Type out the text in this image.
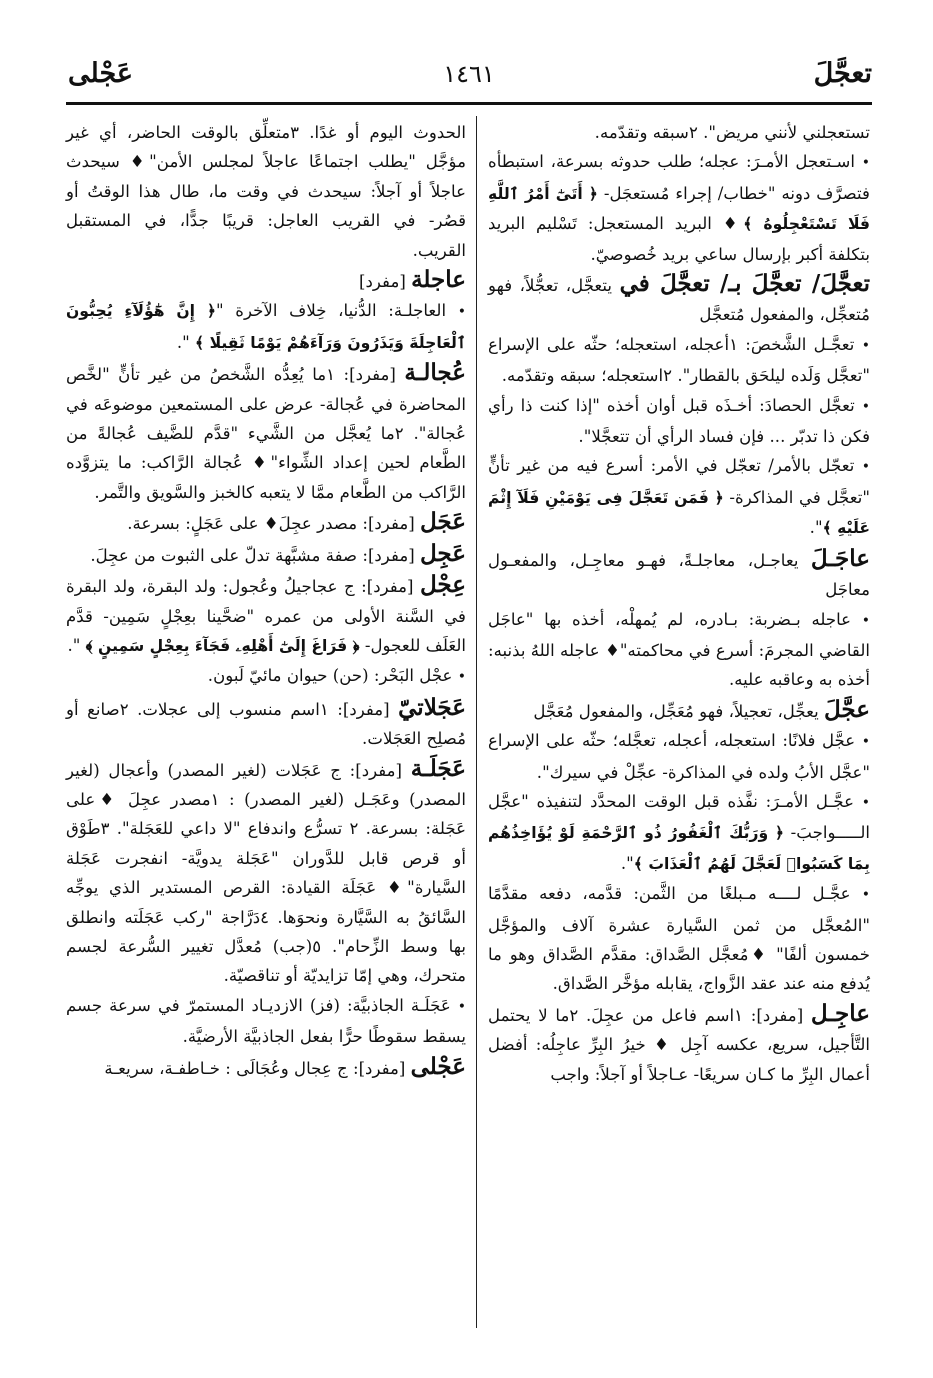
تعجَّلَ
١٤٦١
عَجْلى
تستعجلني لأنني مريض". ٢سبقه وتقدّمه.
• اسـتعجل الأمـرَ: عجله؛ طلب حدوثه بسرعة، استبطأه فتصرَّف دونه "خطاب/ إجراء مُستعجَل- ﴿ أَتَىٰٓ أَمْرُ ٱللَّهِ فَلَا تَسْتَعْجِلُوهُ ﴾♦ البريد المستعجل: تَسْليم البريد بتكلفة أكبر بإرسال ساعي بريد خُصوصيّ.
تعجَّلَ/ تعجَّلَ بـ/ تعجَّلَ في يتعجَّل، تعجُّلاً، فهو مُتعجِّل، والمفعول مُتعجَّل
• تعجَّـل الشَّخصَ: ١أعجله، استعجله؛ حثّه على الإسراع "تعجَّل وَلَده ليلحَق بالقطار". ٢استعجله؛ سبقه وتقدّمه.
• تعجَّل الحصادَ: أخـذَه قبل أوان أخذه "إذا كنت ذا رأي فكن ذا تدبّر ... فإن فساد الرأي أن تتعجَّلا".
• تعجّل بالأمر/ تعجّل في الأمر: أسرع فيه من غير تأنٍّ "تعجَّل في المذاكرة- ﴿ فَمَن تَعَجَّلَ فِى يَوْمَيْنِ فَلَآ إِثْمَ عَلَيْهِ ﴾".
عاجَـلَ يعاجـل، معاجلـةً، فهـو معاجِـل، والمفعـول معاجَل
• عاجله بـضربة: بـادره، لم يُمهلْه، أخذه بها "عاجَل القاضي المجرمَ: أسرع في محاكمته"♦ عاجله اللهُ بذنبه: أخذه به وعاقبه عليه.
عجَّلَ يعجِّل، تعجيلاً، فهو مُعَجِّل، والمفعول مُعَجَّل
• عجَّل فلانًا: استعجله، أعجله، تعجَّله؛ حثّه على الإسراع "عجَّل الأبُ ولده في المذاكرة- عجِّلْ في سيرك".
• عجَّـل الأمـرَ: نفَّذه قبل الوقت المحدَّد لتنفيذه "عجَّل الـــــواجبَ- ﴿ وَرَبُّكَ ٱلْغَفُورُ ذُو ٱلرَّحْمَةِ لَوْ يُؤَاخِذُهُم بِمَا كَسَبُوا۟ لَعَجَّلَ لَهُمُ ٱلْعَذَابَ ﴾".
• عجَّـل لــــه مـبلغًا من الثَّمن: قدَّمه، دفعه مقدَّمًا "المُعجَّل من ثمن السَّيارة عشرة آلاف والمؤجَّل خمسون ألفًا" ♦مُعجَّل الصَّداق: مقدَّم الصَّداق وهو ما يُدفع منه عند عقد الزَّواج، يقابله مؤخَّر الصَّداق.
عاجِـل [مفرد]: ١اسم فاعل من عجِلَ. ٢ما لا يحتمل التَّأجيل، سريع، عكسه آجِل ♦ خيرُ البِرِّ عاجِلُه: أفضل أعمال البِرِّ ما كـان سريعًا- عـاجلاً أو آجلاً: واجب
الحدوث اليوم أو غدًا. ٣متعلِّق بالوقت الحاضر، أي غير مؤجَّل "يطلب اجتماعًا عاجلاً لمجلس الأمن"♦ سيحدث عاجلاً أو آجلاً: سيحدث في وقت ما، طال هذا الوقتُ أو قصُر- في القريب العاجل: قريبًا جدًّا، في المستقبل القريب.
عاجلة [مفرد]
• العاجلـة: الدُّنيا، خِلاف الآخرة "﴿ إِنَّ هَٰٓؤُلَآءِ يُحِبُّونَ ٱلْعَاجِلَةَ وَيَذَرُونَ وَرَآءَهُمْ يَوْمًا ثَقِيلًا ﴾ ".
عُجالـة [مفرد]: ١ما يُعِدُّه الشَّخصُ من غير تأنٍّ "لخَّص المحاضرة في عُجالة- عرض على المستمعين موضوعَه في عُجالة". ٢ما يُعجَّل من الشَّيء "قدَّم للضَّيف عُجالةً من الطَّعام لحين إعداد الشِّواء"♦ عُجالة الرَّاكب: ما يتزوَّده الرَّاكب من الطَّعام ممَّا لا يتعبه كالخبز والسَّويق والتَّمر.
عَجَل [مفرد]: مصدر عجِلَ♦ على عَجَلٍ: بسرعة.
عَجِل [مفرد]: صفة مشبَّهة تدلّ على الثبوت من عجِلَ.
عِجْل [مفرد]: ج عجاجيلُ وعُجول: ولد البقرة، ولد البقرة في السَّنة الأولى من عمره "ضحَّينا بعِجْلٍ سَمِين- قدَّم العَلَف للعجول- ﴿ فَرَاغَ إِلَىٰٓ أَهْلِهِۦ فَجَآءَ بِعِجْلٍ سَمِينٍ ﴾ ".
• عجْل البَحْر: (حن) حيوان مائيّ لَبون.
عَجَلاتيّ [مفرد]: ١اسم منسوب إلى عجلات. ٢صانع أو مُصلِح العَجَلات.
عَجَلَـة [مفرد]: ج عَجَلات (لغير المصدر) وأعجال (لغير المصدر) وعَجَـل (لغير المصدر) : ١مصدر عجِلَ ♦على عَجَلة: بسرعة. ٢ تسرُّع واندفاع "لا داعي للعَجَلة". ٣طَوْق أو قرص قابل للدَّوران "عَجَلة يدويَّة- انفجرت عَجَلة السَّيارة"♦ عَجَلَة القيادة: القرص المستدير الذي يوجِّه السَّائقُ به السَّيَّارة ونحوَها. ٤دَرَّاجة "ركب عَجَلَته وانطلق بها وسط الزِّحام". ٥(جب) مُعدَّل تغيير السُّرعة لجسم متحرك، وهي إمّا تزايديّة أو تناقصيّة.
• عَجَلَـة الجاذبيَّة: (فز) الازديـاد المستمرّ في سرعة جسم يسقط سقوطًا حرًّا بفعل الجاذبيَّة الأرضيَّة.
عَجْلى [مفرد]: ج عِجال وعُجَالَى : خـاطفـة، سريعـة
